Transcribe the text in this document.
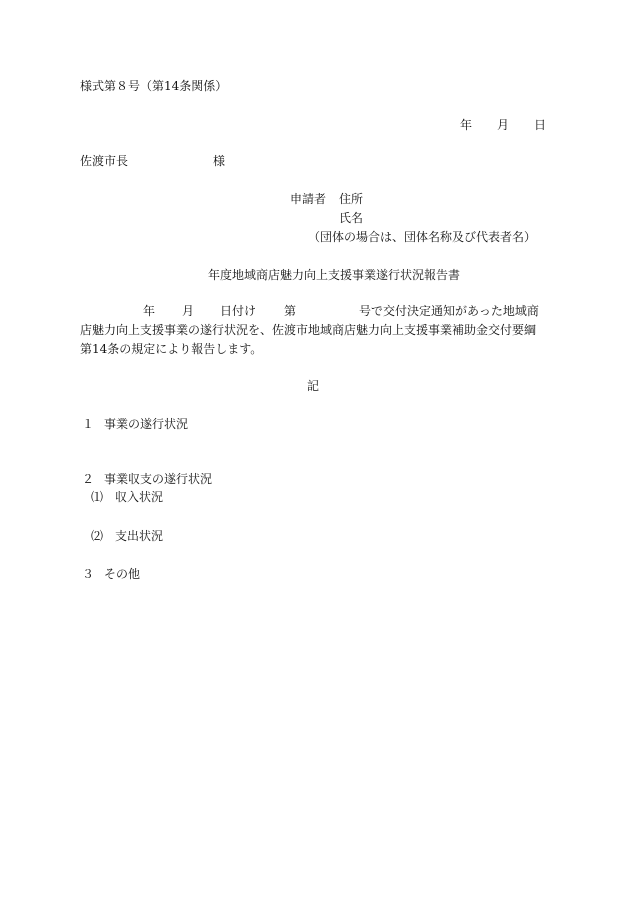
様式第８号（第14条関係）
年 月 日
佐渡市長	様
申請者 住所
氏名
（団体の場合は、団体名称及び代表者名）
年度地域商店魅力向上支援事業遂行状況報告書
年 月 日付け 第	号で交付決定通知があった地域商
店魅力向上支援事業の遂行状況を、佐渡市地域商店魅力向上支援事業補助金交付要綱
第14条の規定により報告します。
記
１ 事業の遂行状況
２ 事業収支の遂行状況
⑴ 収入状況
⑵ 支出状況
３ その他
